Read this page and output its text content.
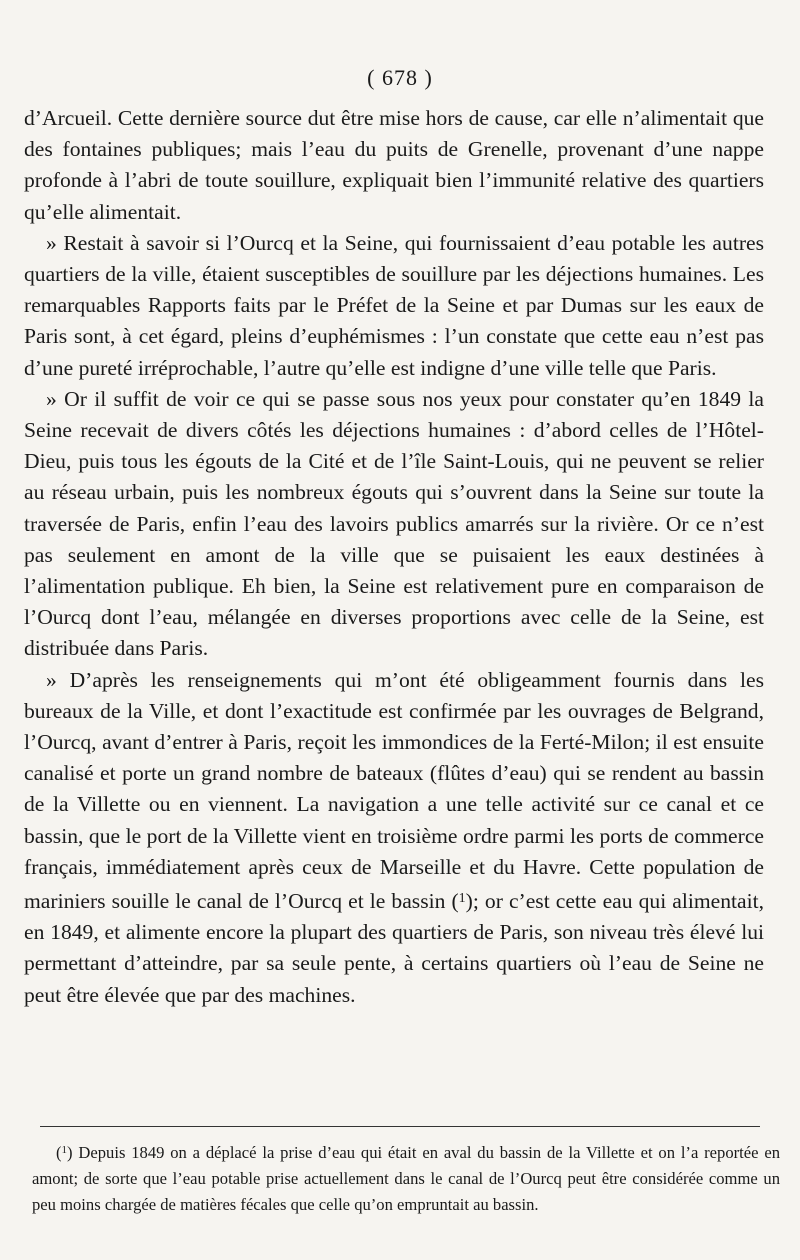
( 678 )

d’Arcueil. Cette dernière source dut être mise hors de cause, car elle n’alimentait que des fontaines publiques; mais l’eau du puits de Grenelle, provenant d’une nappe profonde à l’abri de toute souillure, expliquait bien l’immunité relative des quartiers qu’elle alimentait.

» Restait à savoir si l’Ourcq et la Seine, qui fournissaient d’eau potable les autres quartiers de la ville, étaient susceptibles de souillure par les déjections humaines. Les remarquables Rapports faits par le Préfet de la Seine et par Dumas sur les eaux de Paris sont, à cet égard, pleins d’euphémismes : l’un constate que cette eau n’est pas d’une pureté irréprochable, l’autre qu’elle est indigne d’une ville telle que Paris.

» Or il suffit de voir ce qui se passe sous nos yeux pour constater qu’en 1849 la Seine recevait de divers côtés les déjections humaines : d’abord celles de l’Hôtel-Dieu, puis tous les égouts de la Cité et de l’île Saint-Louis, qui ne peuvent se relier au réseau urbain, puis les nombreux égouts qui s’ouvrent dans la Seine sur toute la traversée de Paris, enfin l’eau des lavoirs publics amarrés sur la rivière. Or ce n’est pas seulement en amont de la ville que se puisaient les eaux destinées à l’alimentation publique. Eh bien, la Seine est relativement pure en comparaison de l’Ourcq dont l’eau, mélangée en diverses proportions avec celle de la Seine, est distribuée dans Paris.

» D’après les renseignements qui m’ont été obligeamment fournis dans les bureaux de la Ville, et dont l’exactitude est confirmée par les ouvrages de Belgrand, l’Ourcq, avant d’entrer à Paris, reçoit les immondices de la Ferté-Milon; il est ensuite canalisé et porte un grand nombre de bateaux (flûtes d’eau) qui se rendent au bassin de la Villette ou en viennent. La navigation a une telle activité sur ce canal et ce bassin, que le port de la Villette vient en troisième ordre parmi les ports de commerce français, immédiatement après ceux de Marseille et du Havre. Cette population de mariniers souille le canal de l’Ourcq et le bassin ($^1$); or c’est cette eau qui alimentait, en 1849, et alimente encore la plupart des quartiers de Paris, son niveau très élevé lui permettant d’atteindre, par sa seule pente, à certains quartiers où l’eau de Seine ne peut être élevée que par des machines.

($^1$) Depuis 1849 on a déplacé la prise d’eau qui était en aval du bassin de la Villette et on l’a reportée en amont; de sorte que l’eau potable prise actuellement dans le canal de l’Ourcq peut être considérée comme un peu moins chargée de matières fécales que celle qu’on empruntait au bassin.
